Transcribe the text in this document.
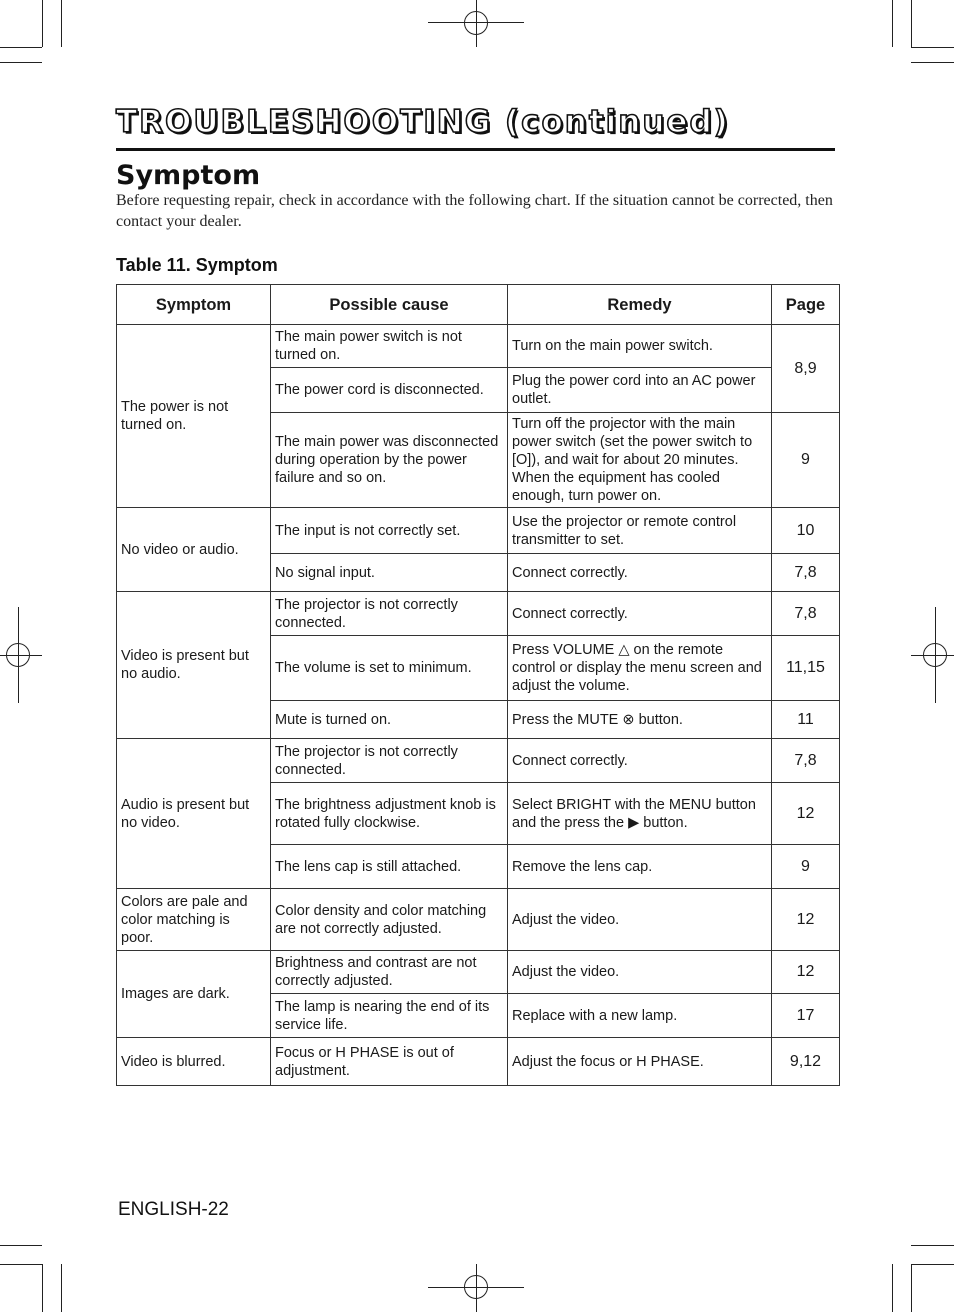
TROUBLESHOOTING (continued)
Symptom

Before requesting repair, check in accordance with the following chart. If the situation cannot be corrected, then contact your dealer.

Table 11. Symptom
Symptom	Possible cause	Remedy	Page
The power is not turned on.	The main power switch is not turned on.	Turn on the main power switch.	8,9
	The power cord is disconnected.	Plug the power cord into an AC power outlet.	
	The main power was disconnected during operation by the power failure and so on.	Turn off the projector with the main power switch (set the power switch to [O]), and wait for about 20 minutes. When the equipment has cooled enough, turn power on.	9
No video or audio.	The input is not correctly set.	Use the projector or remote control transmitter to set.	10
	No signal input.	Connect correctly.	7,8
Video is present but no audio.	The projector is not correctly connected.	Connect correctly.	7,8
	The volume is set to minimum.	Press VOLUME △ on the remote control or display the menu screen and adjust the volume.	11,15
	Mute is turned on.	Press the MUTE ⊗ button.	11
Audio is present but no video.	The projector is not correctly connected.	Connect correctly.	7,8
	The brightness adjustment knob is rotated fully clockwise.	Select BRIGHT with the MENU button and the press the ▶ button.	12
	The lens cap is still attached.	Remove the lens cap.	9
Colors are pale and color matching is poor.	Color density and color matching are not correctly adjusted.	Adjust the video.	12
Images are dark.	Brightness and contrast are not correctly adjusted.	Adjust the video.	12
	The lamp is nearing the end of its service life.	Replace with a new lamp.	17
Video is blurred.	Focus or H PHASE is out of adjustment.	Adjust the focus or H PHASE.	9,12

ENGLISH-22
